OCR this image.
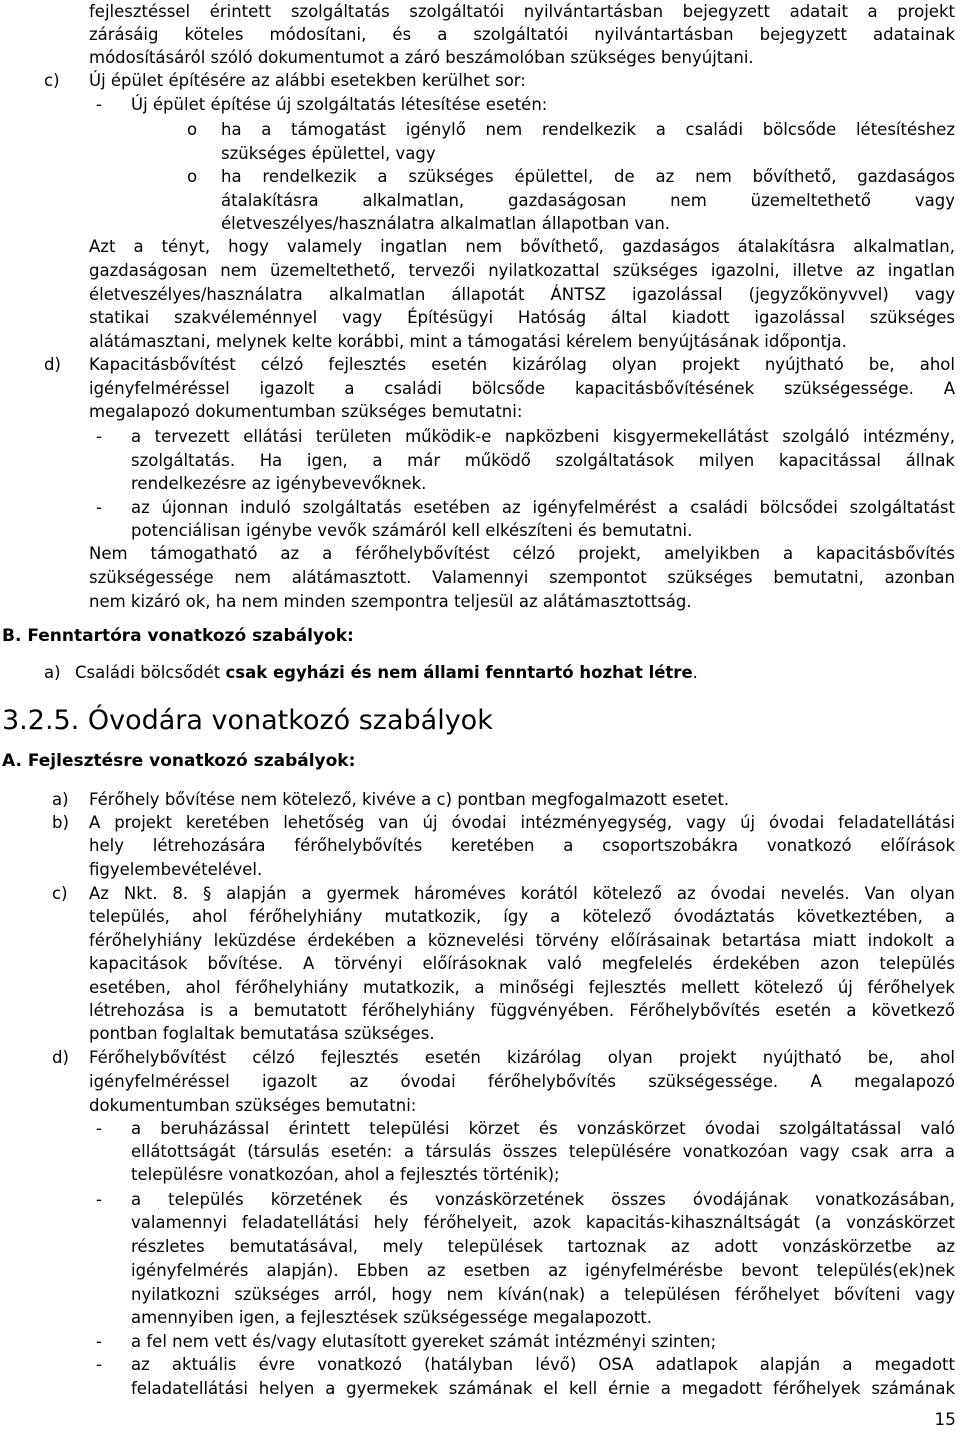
fejlesztéssel érintett szolgáltatás szolgáltatói nyilvántartásban bejegyzett adatait a projekt
zárásáig köteles módosítani, és a szolgáltatói nyilvántartásban bejegyzett adatainak
módosításáról szóló dokumentumot a záró beszámolóban szükséges benyújtani.
c) Új épület építésére az alábbi esetekben kerülhet sor:
- Új épület építése új szolgáltatás létesítése esetén:
o ha a támogatást igénylő nem rendelkezik a családi bölcsőde létesítéshez
szükséges épülettel, vagy
o ha rendelkezik a szükséges épülettel, de az nem bővíthető, gazdaságos
átalakításra alkalmatlan, gazdaságosan nem üzemeltethető vagy
életveszélyes/használatra alkalmatlan állapotban van.
Azt a tényt, hogy valamely ingatlan nem bővíthető, gazdaságos átalakításra alkalmatlan,
gazdaságosan nem üzemeltethető, tervezői nyilatkozattal szükséges igazolni, illetve az ingatlan
életveszélyes/használatra alkalmatlan állapotát ÁNTSZ igazolással (jegyzőkönyvvel) vagy
statikai szakvéleménnyel vagy Építésügyi Hatóság által kiadott igazolással szükséges
alátámasztani, melynek kelte korábbi, mint a támogatási kérelem benyújtásának időpontja.
d) Kapacitásbővítést célzó fejlesztés esetén kizárólag olyan projekt nyújtható be, ahol
igényfelméréssel igazolt a családi bölcsőde kapacitásbővítésének szükségessége. A
megalapozó dokumentumban szükséges bemutatni:
- a tervezett ellátási területen működik-e napközbeni kisgyermekellátást szolgáló intézmény,
szolgáltatás. Ha igen, a már működő szolgáltatások milyen kapacitással állnak
rendelkezésre az igénybevevőknek.
- az újonnan induló szolgáltatás esetében az igényfelmérést a családi bölcsődei szolgáltatást
potenciálisan igénybe vevők számáról kell elkészíteni és bemutatni.
Nem támogatható az a férőhelybővítést célzó projekt, amelyikben a kapacitásbővítés
szükségessége nem alátámasztott. Valamennyi szempontot szükséges bemutatni, azonban
nem kizáró ok, ha nem minden szempontra teljesül az alátámasztottság.
B. Fenntartóra vonatkozó szabályok:
a) Családi bölcsődét csak egyházi és nem állami fenntartó hozhat létre.
3.2.5. Óvodára vonatkozó szabályok
A. Fejlesztésre vonatkozó szabályok:
a) Férőhely bővítése nem kötelező, kivéve a c) pontban megfogalmazott esetet.
b) A projekt keretében lehetőség van új óvodai intézményegység, vagy új óvodai feladatellátási
hely létrehozására férőhelybővítés keretében a csoportszobákra vonatkozó előírások
figyelembevételével.
c) Az Nkt. 8. § alapján a gyermek hároméves korától kötelező az óvodai nevelés. Van olyan
település, ahol férőhelyhiány mutatkozik, így a kötelező óvodáztatás következtében, a
férőhelyhiány leküzdése érdekében a köznevelési törvény előírásainak betartása miatt indokolt a
kapacitások bővítése. A törvényi előírásoknak való megfelelés érdekében azon település
esetében, ahol férőhelyhiány mutatkozik, a minőségi fejlesztés mellett kötelező új férőhelyek
létrehozása is a bemutatott férőhelyhiány függvényében. Férőhelybővítés esetén a következő
pontban foglaltak bemutatása szükséges.
d) Férőhelybővítést célzó fejlesztés esetén kizárólag olyan projekt nyújtható be, ahol
igényfelméréssel igazolt az óvodai férőhelybővítés szükségessége. A megalapozó
dokumentumban szükséges bemutatni:
- a beruházással érintett települési körzet és vonzáskörzet óvodai szolgáltatással való
ellátottságát (társulás esetén: a társulás összes településére vonatkozóan vagy csak arra a
településre vonatkozóan, ahol a fejlesztés történik);
- a település körzetének és vonzáskörzetének összes óvodájának vonatkozásában,
valamennyi feladatellátási hely férőhelyeit, azok kapacitás-kihasználtságát (a vonzáskörzet
részletes bemutatásával, mely települések tartoznak az adott vonzáskörzetbe az
igényfelmérés alapján). Ebben az esetben az igényfelmérésbe bevont település(ek)nek
nyilatkozni szükséges arról, hogy nem kíván(nak) a településen férőhelyet bővíteni vagy
amennyiben igen, a fejlesztések szükségessége megalapozott.
- a fel nem vett és/vagy elutasított gyereket számát intézményi szinten;
- az aktuális évre vonatkozó (hatályban lévő) OSA adatlapok alapján a megadott
feladatellátási helyen a gyermekek számának el kell érnie a megadott férőhelyek számának
15
